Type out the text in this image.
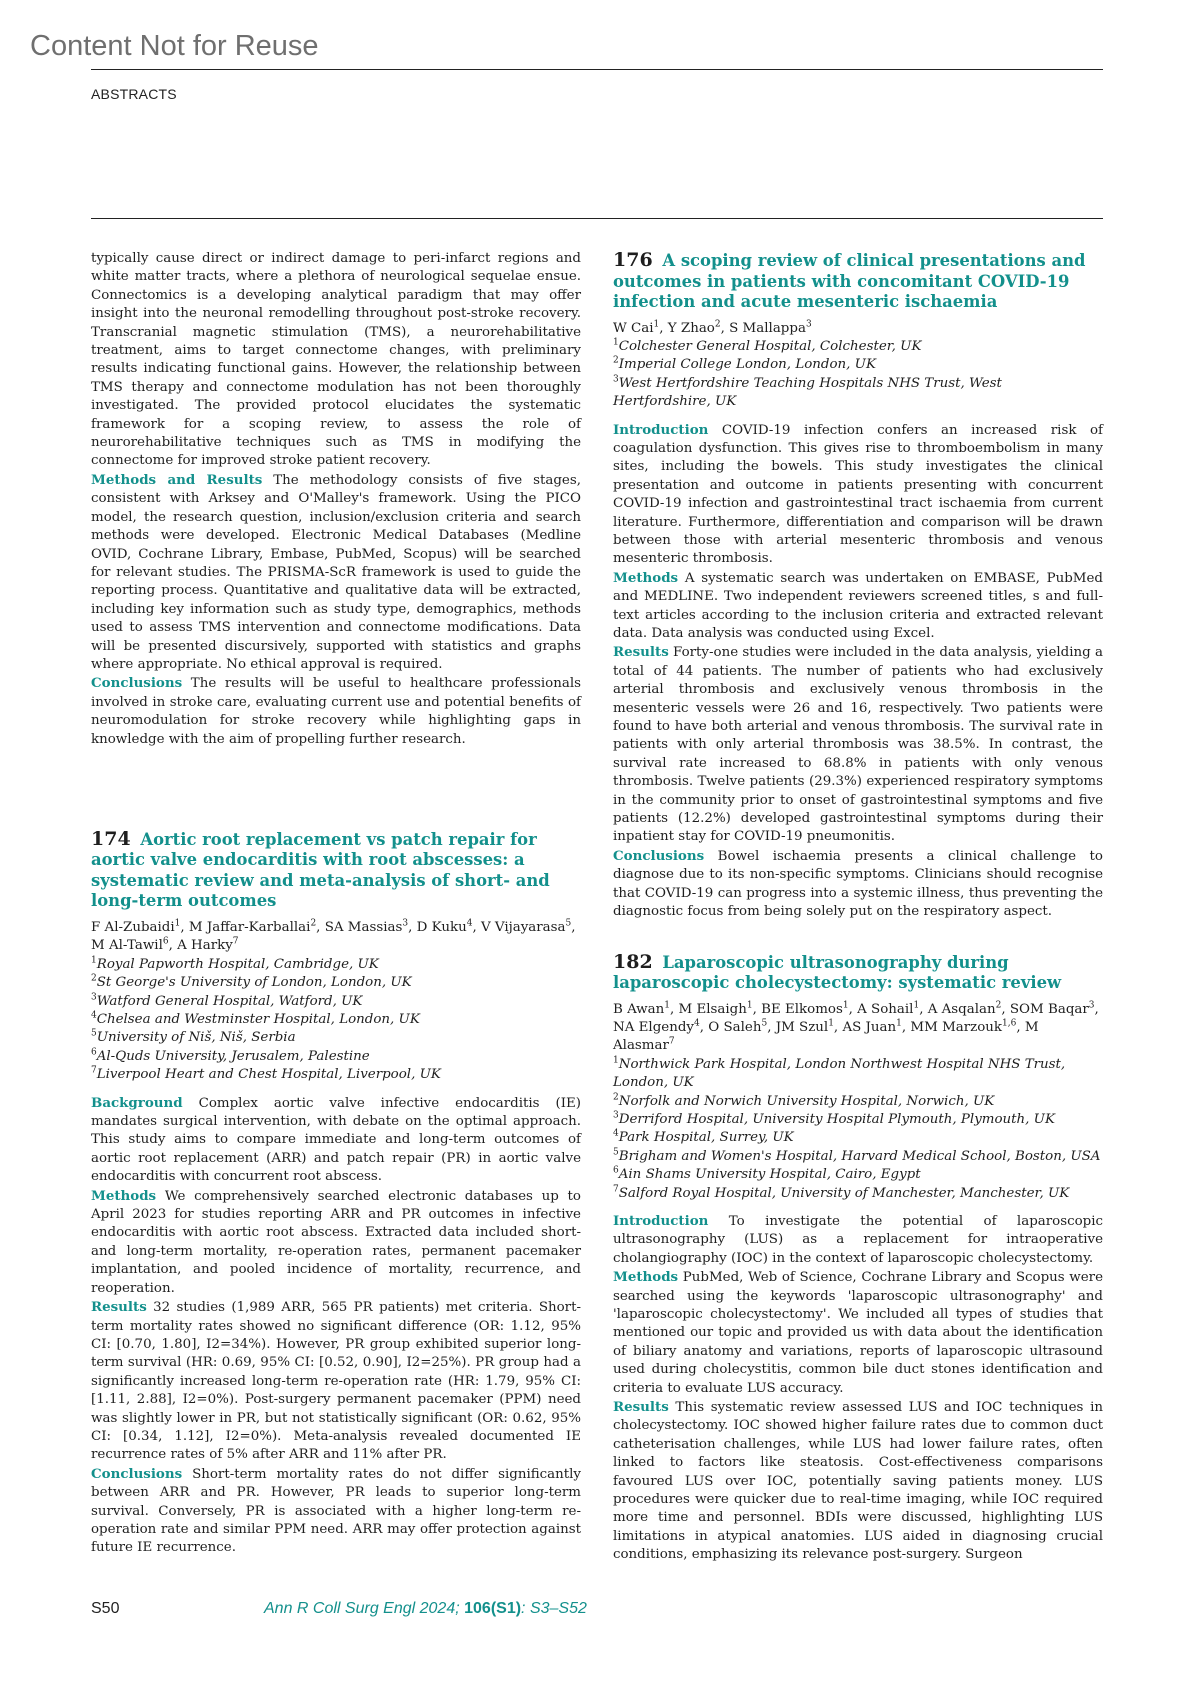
Content Not for Reuse
ABSTRACTS

typically cause direct or indirect damage to peri-infarct regions and white matter tracts, where a plethora of neurological sequelae ensue. Connectomics is a developing analytical paradigm that may offer insight into the neuronal remodelling throughout post-stroke recovery. Transcranial magnetic stimulation (TMS), a neurorehabilitative treatment, aims to target connectome changes, with preliminary results indicating functional gains. However, the relationship between TMS therapy and connectome modulation has not been thoroughly investigated. The provided protocol elucidates the systematic framework for a scoping review, to assess the role of neurorehabilitative techniques such as TMS in modifying the connectome for improved stroke patient recovery.

Methods and Results The methodology consists of five stages, consistent with Arksey and O'Malley's framework. Using the PICO model, the research question, inclusion/exclusion criteria and search methods were developed. Electronic Medical Databases (Medline OVID, Cochrane Library, Embase, PubMed, Scopus) will be searched for relevant studies. The PRISMA-ScR framework is used to guide the reporting process. Quantitative and qualitative data will be extracted, including key information such as study type, demographics, methods used to assess TMS intervention and connectome modifications. Data will be presented discursively, supported with statistics and graphs where appropriate. No ethical approval is required.

Conclusions The results will be useful to healthcare professionals involved in stroke care, evaluating current use and potential benefits of neuromodulation for stroke recovery while highlighting gaps in knowledge with the aim of propelling further research.

174 Aortic root replacement vs patch repair for aortic valve endocarditis with root abscesses: a systematic review and meta-analysis of short- and long-term outcomes
F Al-Zubaidi$^1$, M Jaffar-Karballai$^2$, SA Massias$^3$, D Kuku$^4$, V Vijayarasa$^5$, M Al-Tawil$^6$, A Harky$^7$
$^1$Royal Papworth Hospital, Cambridge, UK
$^2$St George's University of London, London, UK
$^3$Watford General Hospital, Watford, UK
$^4$Chelsea and Westminster Hospital, London, UK
$^5$University of Niš, Niš, Serbia
$^6$Al-Quds University, Jerusalem, Palestine
$^7$Liverpool Heart and Chest Hospital, Liverpool, UK

Background Complex aortic valve infective endocarditis (IE) mandates surgical intervention, with debate on the optimal approach. This study aims to compare immediate and long-term outcomes of aortic root replacement (ARR) and patch repair (PR) in aortic valve endocarditis with concurrent root abscess.

Methods We comprehensively searched electronic databases up to April 2023 for studies reporting ARR and PR outcomes in infective endocarditis with aortic root abscess. Extracted data included short- and long-term mortality, re-operation rates, permanent pacemaker implantation, and pooled incidence of mortality, recurrence, and reoperation.

Results 32 studies (1,989 ARR, 565 PR patients) met criteria. Short-term mortality rates showed no significant difference (OR: 1.12, 95% CI: [0.70, 1.80], I2=34%). However, PR group exhibited superior long-term survival (HR: 0.69, 95% CI: [0.52, 0.90], I2=25%). PR group had a significantly increased long-term re-operation rate (HR: 1.79, 95% CI: [1.11, 2.88], I2=0%). Post-surgery permanent pacemaker (PPM) need was slightly lower in PR, but not statistically significant (OR: 0.62, 95% CI: [0.34, 1.12], I2=0%). Meta-analysis revealed documented IE recurrence rates of 5% after ARR and 11% after PR.

Conclusions Short-term mortality rates do not differ significantly between ARR and PR. However, PR leads to superior long-term survival. Conversely, PR is associated with a higher long-term re-operation rate and similar PPM need. ARR may offer protection against future IE recurrence.

176 A scoping review of clinical presentations and outcomes in patients with concomitant COVID-19 infection and acute mesenteric ischaemia
W Cai$^1$, Y Zhao$^2$, S Mallappa$^3$
$^1$Colchester General Hospital, Colchester, UK
$^2$Imperial College London, London, UK
$^3$West Hertfordshire Teaching Hospitals NHS Trust, West Hertfordshire, UK

Introduction COVID-19 infection confers an increased risk of coagulation dysfunction. This gives rise to thromboembolism in many sites, including the bowels. This study investigates the clinical presentation and outcome in patients presenting with concurrent COVID-19 infection and gastrointestinal tract ischaemia from current literature. Furthermore, differentiation and comparison will be drawn between those with arterial mesenteric thrombosis and venous mesenteric thrombosis.

Methods A systematic search was undertaken on EMBASE, PubMed and MEDLINE. Two independent reviewers screened titles, s and full-text articles according to the inclusion criteria and extracted relevant data. Data analysis was conducted using Excel.

Results Forty-one studies were included in the data analysis, yielding a total of 44 patients. The number of patients who had exclusively arterial thrombosis and exclusively venous thrombosis in the mesenteric vessels were 26 and 16, respectively. Two patients were found to have both arterial and venous thrombosis. The survival rate in patients with only arterial thrombosis was 38.5%. In contrast, the survival rate increased to 68.8% in patients with only venous thrombosis. Twelve patients (29.3%) experienced respiratory symptoms in the community prior to onset of gastrointestinal symptoms and five patients (12.2%) developed gastrointestinal symptoms during their inpatient stay for COVID-19 pneumonitis.

Conclusions Bowel ischaemia presents a clinical challenge to diagnose due to its non-specific symptoms. Clinicians should recognise that COVID-19 can progress into a systemic illness, thus preventing the diagnostic focus from being solely put on the respiratory aspect.

182 Laparoscopic ultrasonography during laparoscopic cholecystectomy: systematic review
B Awan$^1$, M Elsaigh$^1$, BE Elkomos$^1$, A Sohail$^1$, A Asqalan$^2$, SOM Baqar$^3$, NA Elgendy$^4$, O Saleh$^5$, JM Szul$^1$, AS Juan$^1$, MM Marzouk$^{1,6}$, M Alasmar$^7$
$^1$Northwick Park Hospital, London Northwest Hospital NHS Trust, London, UK
$^2$Norfolk and Norwich University Hospital, Norwich, UK
$^3$Derriford Hospital, University Hospital Plymouth, Plymouth, UK
$^4$Park Hospital, Surrey, UK
$^5$Brigham and Women's Hospital, Harvard Medical School, Boston, USA
$^6$Ain Shams University Hospital, Cairo, Egypt
$^7$Salford Royal Hospital, University of Manchester, Manchester, UK

Introduction To investigate the potential of laparoscopic ultrasonography (LUS) as a replacement for intraoperative cholangiography (IOC) in the context of laparoscopic cholecystectomy.

Methods PubMed, Web of Science, Cochrane Library and Scopus were searched using the keywords 'laparoscopic ultrasonography' and 'laparoscopic cholecystectomy'. We included all types of studies that mentioned our topic and provided us with data about the identification of biliary anatomy and variations, reports of laparoscopic ultrasound used during cholecystitis, common bile duct stones identification and criteria to evaluate LUS accuracy.

Results This systematic review assessed LUS and IOC techniques in cholecystectomy. IOC showed higher failure rates due to common duct catheterisation challenges, while LUS had lower failure rates, often linked to factors like steatosis. Cost-effectiveness comparisons favoured LUS over IOC, potentially saving patients money. LUS procedures were quicker due to real-time imaging, while IOC required more time and personnel. BDIs were discussed, highlighting LUS limitations in atypical anatomies. LUS aided in diagnosing crucial conditions, emphasizing its relevance post-surgery. Surgeon

S50	Ann R Coll Surg Engl 2024; 106(S1): S3–S52
